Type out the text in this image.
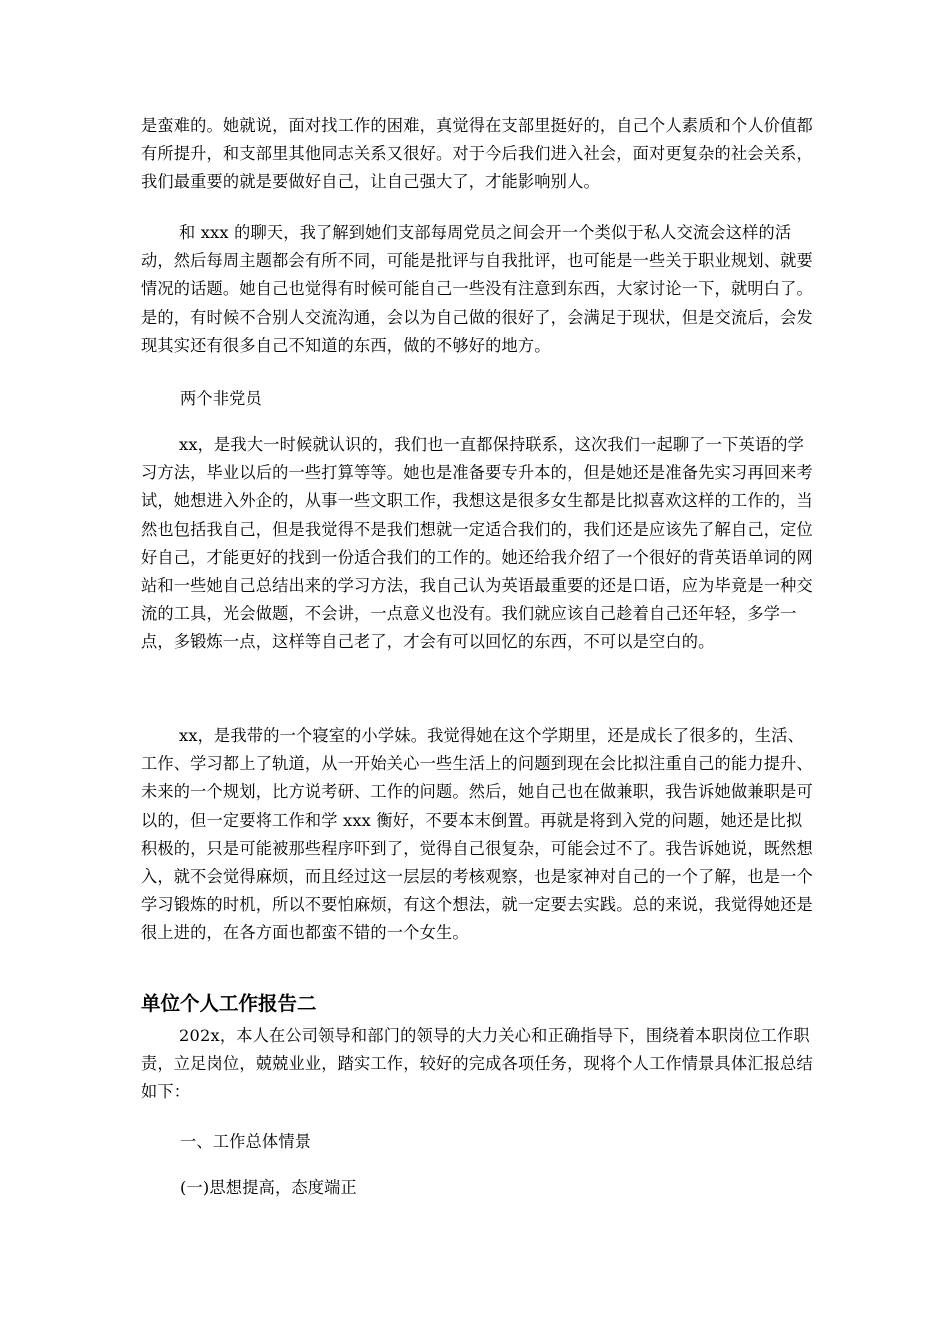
是蛮难的。她就说，面对找工作的困难，真觉得在支部里挺好的，自己个人素质和个人价值都有所提升，和支部里其他同志关系又很好。对于今后我们进入社会，面对更复杂的社会关系，我们最重要的就是要做好自己，让自己强大了，才能影响别人。
和 xxx 的聊天，我了解到她们支部每周党员之间会开一个类似于私人交流会这样的活动，然后每周主题都会有所不同，可能是批评与自我批评，也可能是一些关于职业规划、就要情况的话题。她自己也觉得有时候可能自己一些没有注意到东西，大家讨论一下，就明白了。是的，有时候不合别人交流沟通，会以为自己做的很好了，会满足于现状，但是交流后，会发现其实还有很多自己不知道的东西，做的不够好的地方。
两个非党员
xx，是我大一时候就认识的，我们也一直都保持联系，这次我们一起聊了一下英语的学习方法，毕业以后的一些打算等等。她也是准备要专升本的，但是她还是准备先实习再回来考试，她想进入外企的，从事一些文职工作，我想这是很多女生都是比拟喜欢这样的工作的，当然也包括我自己，但是我觉得不是我们想就一定适合我们的，我们还是应该先了解自己，定位好自己，才能更好的找到一份适合我们的工作的。她还给我介绍了一个很好的背英语单词的网站和一些她自己总结出来的学习方法，我自己认为英语最重要的还是口语，应为毕竟是一种交流的工具，光会做题，不会讲，一点意义也没有。我们就应该自己趁着自己还年轻，多学一点，多锻炼一点，这样等自己老了，才会有可以回忆的东西，不可以是空白的。
xx，是我带的一个寝室的小学妹。我觉得她在这个学期里，还是成长了很多的，生活、工作、学习都上了轨道，从一开始关心一些生活上的问题到现在会比拟注重自己的能力提升、未来的一个规划，比方说考研、工作的问题。然后，她自己也在做兼职，我告诉她做兼职是可以的，但一定要将工作和学 xxx 衡好，不要本末倒置。再就是将到入党的问题，她还是比拟积极的，只是可能被那些程序吓到了，觉得自己很复杂，可能会过不了。我告诉她说，既然想入，就不会觉得麻烦，而且经过这一层层的考核观察，也是家神对自己的一个了解，也是一个学习锻炼的时机，所以不要怕麻烦，有这个想法，就一定要去实践。总的来说，我觉得她还是很上进的，在各方面也都蛮不错的一个女生。
单位个人工作报告二
202x，本人在公司领导和部门的领导的大力关心和正确指导下，围绕着本职岗位工作职责，立足岗位，兢兢业业，踏实工作，较好的完成各项任务，现将个人工作情景具体汇报总结如下：
一、工作总体情景
(一)思想提高，态度端正
